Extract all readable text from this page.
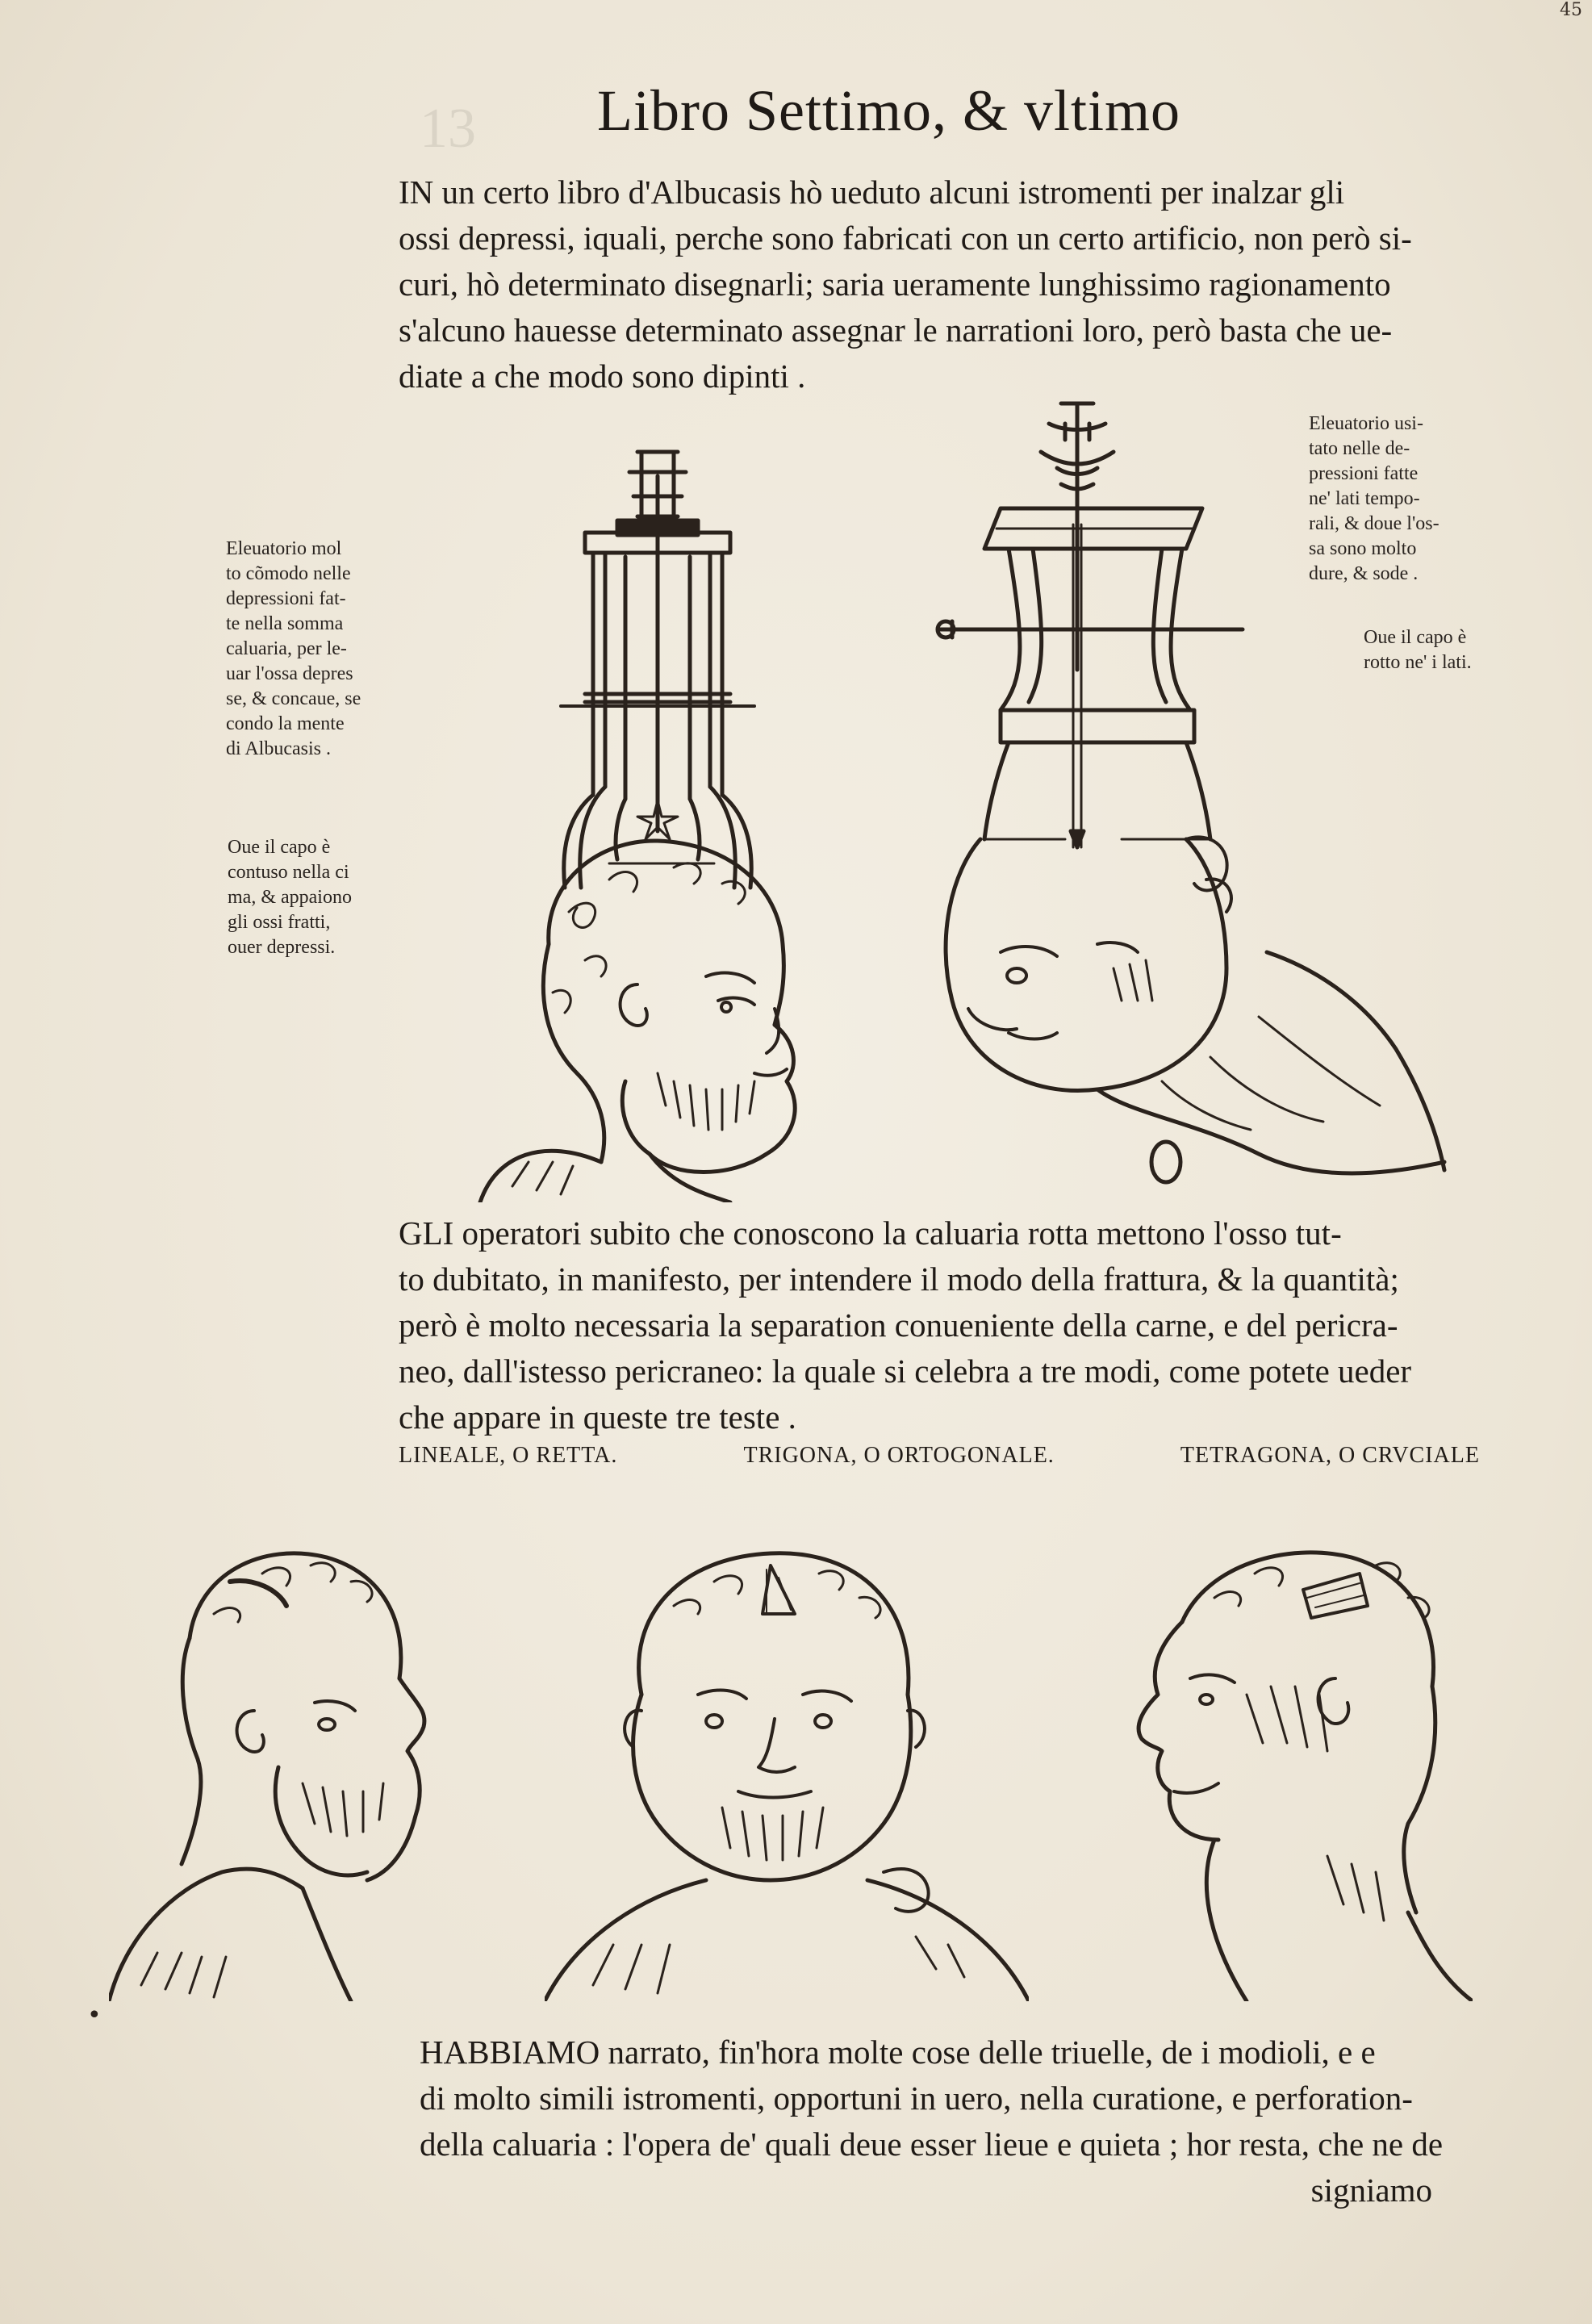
13
45
Libro Settimo, & vltimo
IN un certo libro d'Albucasis hò ueduto alcuni istromenti per inalzar gli
ossi depressi, iquali, perche sono fabricati con un certo artificio, non però si-
curi, hò determinato disegnarli; saria ueramente lunghissimo ragionamento
s'alcuno hauesse determinato assegnar le narrationi loro, però basta che ue-
diate a che modo sono dipinti .
Eleuatorio mol
to cõmodo nelle
depressioni fat-
te nella somma
caluaria, per le-
uar l'ossa depres
se, & concaue, se
condo la mente
di Albucasis .
Oue il capo è
contuso nella ci
ma, & appaiono
gli ossi fratti,
ouer depressi.
Eleuatorio usi-
tato nelle de-
pressioni fatte
ne' lati tempo-
rali, & doue l'os-
sa sono molto
dure, & sode .
Oue il capo è
rotto ne' i lati.
GLI operatori subito che conoscono la caluaria rotta mettono l'osso tut-
to dubitato, in manifesto, per intendere il modo della frattura, & la quantità;
però è molto necessaria la separation conueniente della carne, e del pericra-
neo, dall'istesso pericraneo: la quale si celebra a tre modi, come potete ueder
che appare in queste tre teste .
LINEALE, O RETTA.	TRIGONA, O ORTOGONALE.	TETRAGONA, O CRVCIALE
•
HABBIAMO narrato, fin'hora molte cose delle triuelle, de i modioli, e e
di molto simili istromenti, opportuni in uero, nella curatione, e perforation-
della caluaria : l'opera de' quali deue esser lieue e quieta ; hor resta, che ne de
signiamo
